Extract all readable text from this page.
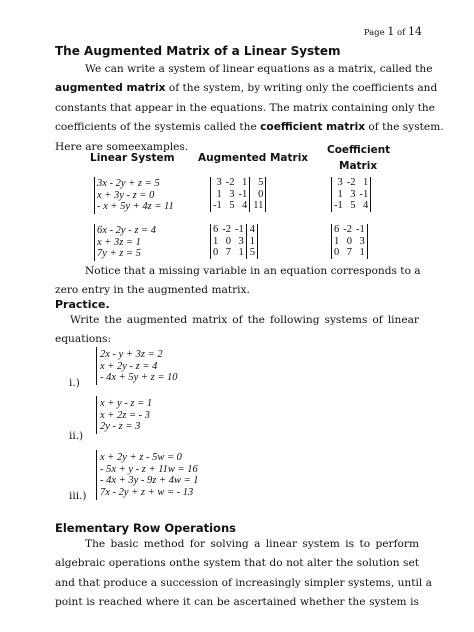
Page 1 of 14
The Augmented Matrix of a Linear System
We can write a system of linear equations as a matrix, called the
augmented matrix of the system, by writing only the coefficients and
constants that appear in the equations. The matrix containing only the
coefficients of the systemis called the coefficient matrix of the system.
Here are someexamples.
Linear System Augmented Matrix
Coefficient
Matrix
3x - 2y + z = 5
x + 3y - z = 0
- x + 5y + 4z = 11
3	-2	1	5
1	3	-1	0
-1	5	4	11
3	-2	1
1	3	-1
-1	5	4
6x - 2y - z = 4
x + 3z = 1
7y + z = 5
6	-2	-1	4
1	0	3	1
0	7	1	5
6	-2	-1
1	0	3
0	7	1
Notice that a missing variable in an equation corresponds to a
zero entry in the augmented matrix.
Practice.
Write the augmented matrix of the following systems of linear
equations:
2x - y + 3z = 2
x + 2y - z = 4
- 4x + 5y + z = 10
i.)
x + y - z = 1
x + 2z = - 3
2y - z = 3
ii.)
x + 2y + z - 5w = 0
- 5x + y - z + 11w = 16
- 4x + 3y - 9z + 4w = 1
7x - 2y + z + w = - 13
iii.)
Elementary Row Operations
The basic method for solving a linear system is to perform
algebraic operations onthe system that do not alter the solution set
and that produce a succession of increasingly simpler systems, until a
point is reached where it can be ascertained whether the system is
